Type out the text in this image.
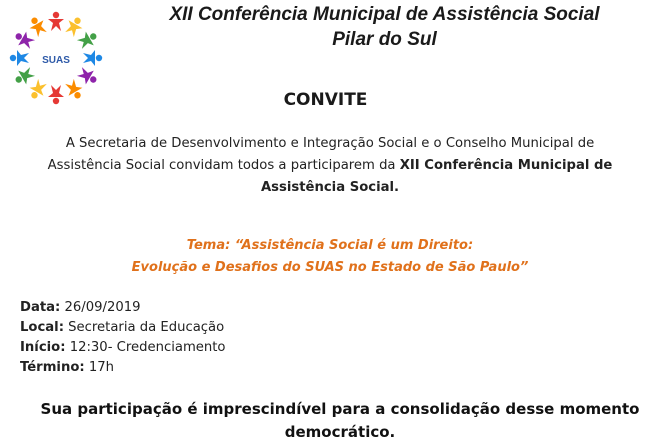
SUAS
XII Conferência Municipal de Assistência Social
Pilar do Sul
CONVITE
A Secretaria de Desenvolvimento e Integração Social e o Conselho Municipal de Assistência Social convidam todos a participarem da XII Conferência Municipal de Assistência Social.
Tema: “Assistência Social é um Direito:
Evolução e Desafios do SUAS no Estado de São Paulo”
Data: 26/09/2019
Local: Secretaria da Educação
Início: 12:30- Credenciamento
Término: 17h
Sua participação é imprescindível para a consolidação desse momento democrático.
